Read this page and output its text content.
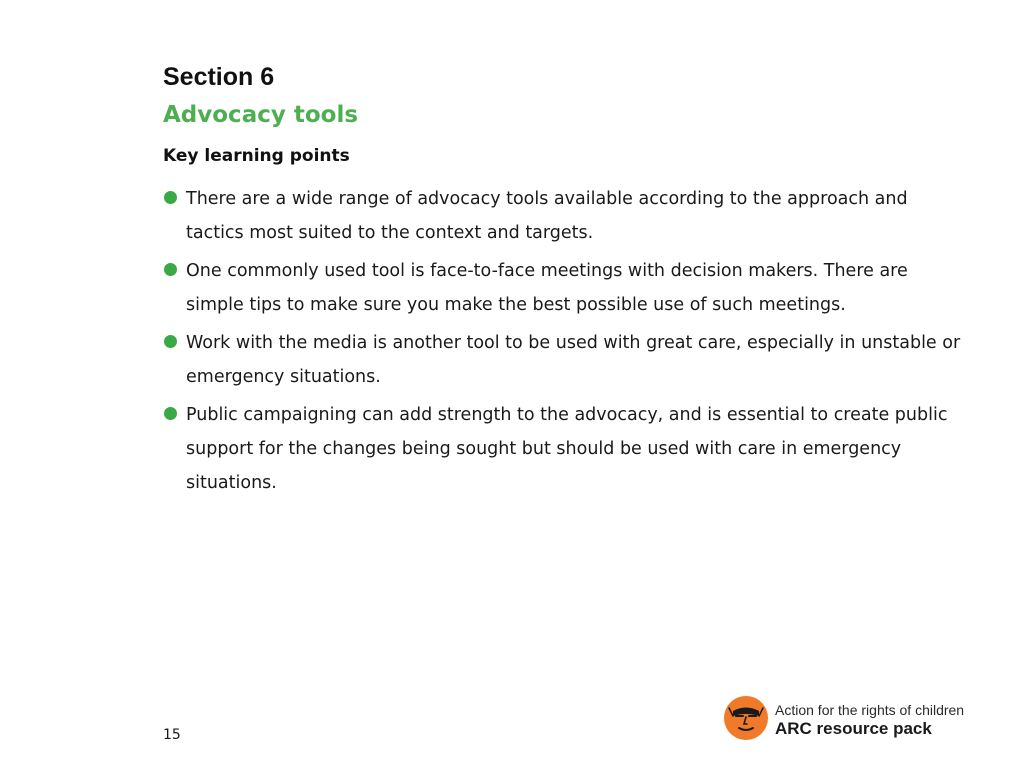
Section 6
Advocacy tools
Key learning points
There are a wide range of advocacy tools available according to the approach and tactics most suited to the context and targets.
One commonly used tool is face-to-face meetings with decision makers. There are simple tips to make sure you make the best possible use of such meetings.
Work with the media is another tool to be used with great care, especially in unstable or emergency situations.
Public campaigning can add strength to the advocacy, and is essential to create public support for the changes being sought but should be used with care in emergency situations.
15
Action for the rights of children
ARC resource pack
